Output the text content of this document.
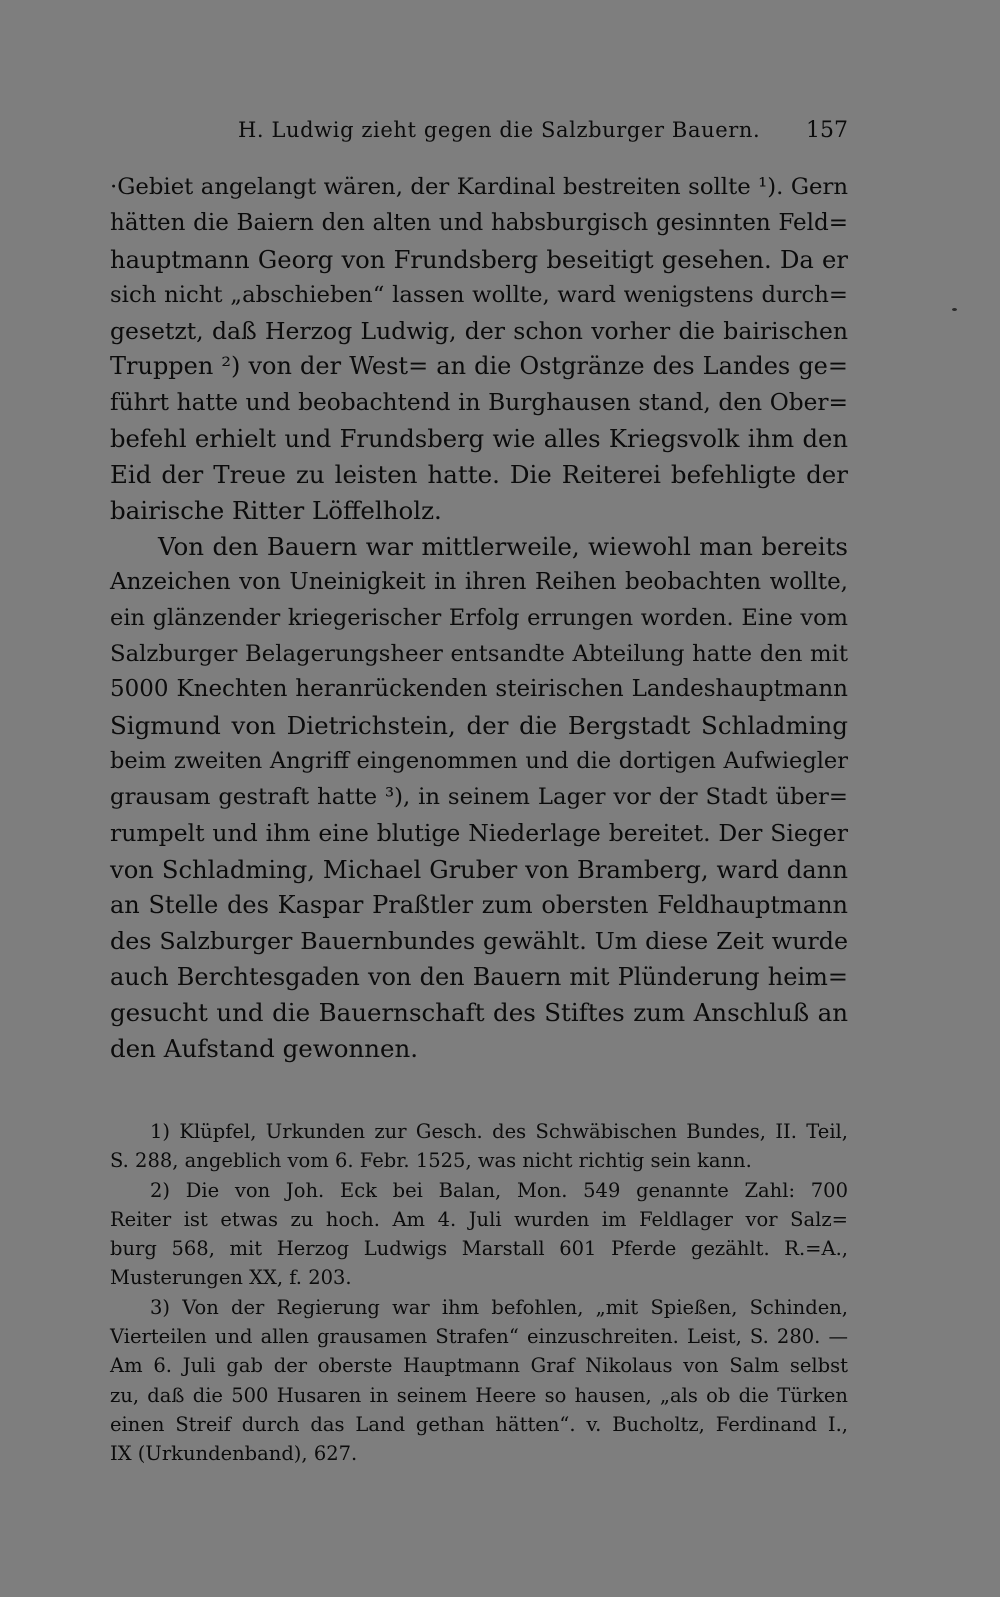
H. Ludwig zieht gegen die Salzburger Bauern. 157
·Gebiet angelangt wären, der Kardinal bestreiten sollte ¹). Gern
hätten die Baiern den alten und habsburgisch gesinnten Feld=
hauptmann Georg von Frundsberg beseitigt gesehen. Da er
sich nicht „abschieben“ lassen wollte, ward wenigstens durch=
gesetzt, daß Herzog Ludwig, der schon vorher die bairischen
Truppen ²) von der West= an die Ostgränze des Landes ge=
führt hatte und beobachtend in Burghausen stand, den Ober=
befehl erhielt und Frundsberg wie alles Kriegsvolk ihm den
Eid der Treue zu leisten hatte. Die Reiterei befehligte der
bairische Ritter Löffelholz.
Von den Bauern war mittlerweile, wiewohl man bereits
Anzeichen von Uneinigkeit in ihren Reihen beobachten wollte,
ein glänzender kriegerischer Erfolg errungen worden. Eine vom
Salzburger Belagerungsheer entsandte Abteilung hatte den mit
5000 Knechten heranrückenden steirischen Landeshauptmann
Sigmund von Dietrichstein, der die Bergstadt Schladming
beim zweiten Angriff eingenommen und die dortigen Aufwiegler
grausam gestraft hatte ³), in seinem Lager vor der Stadt über=
rumpelt und ihm eine blutige Niederlage bereitet. Der Sieger
von Schladming, Michael Gruber von Bramberg, ward dann
an Stelle des Kaspar Praßtler zum obersten Feldhauptmann
des Salzburger Bauernbundes gewählt. Um diese Zeit wurde
auch Berchtesgaden von den Bauern mit Plünderung heim=
gesucht und die Bauernschaft des Stiftes zum Anschluß an
den Aufstand gewonnen.
1) Klüpfel, Urkunden zur Gesch. des Schwäbischen Bundes, II. Teil,
S. 288, angeblich vom 6. Febr. 1525, was nicht richtig sein kann.
2) Die von Joh. Eck bei Balan, Mon. 549 genannte Zahl: 700
Reiter ist etwas zu hoch. Am 4. Juli wurden im Feldlager vor Salz=
burg 568, mit Herzog Ludwigs Marstall 601 Pferde gezählt. R.=A.,
Musterungen XX, f. 203.
3) Von der Regierung war ihm befohlen, „mit Spießen, Schinden,
Vierteilen und allen grausamen Strafen“ einzuschreiten. Leist, S. 280. —
Am 6. Juli gab der oberste Hauptmann Graf Nikolaus von Salm selbst
zu, daß die 500 Husaren in seinem Heere so hausen, „als ob die Türken
einen Streif durch das Land gethan hätten“. v. Bucholtz, Ferdinand I.,
IX (Urkundenband), 627.
